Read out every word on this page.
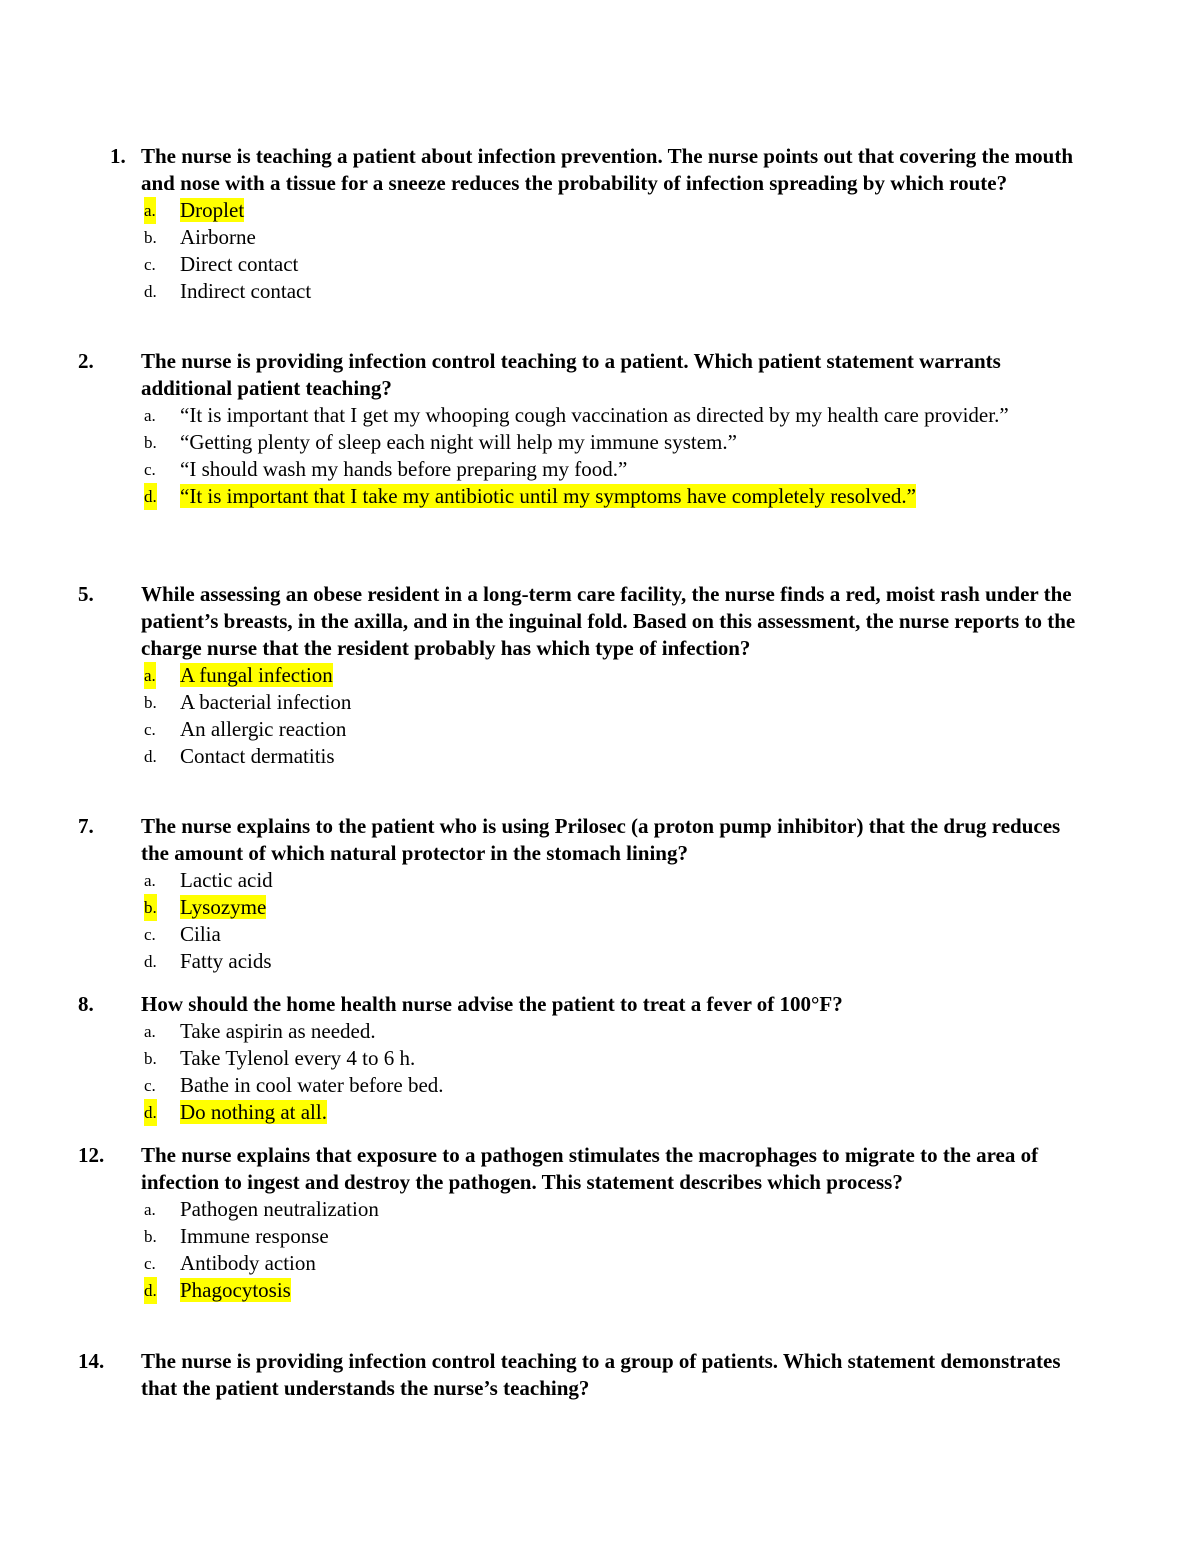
1. The nurse is teaching a patient about infection prevention. The nurse points out that covering the mouth and nose with a tissue for a sneeze reduces the probability of infection spreading by which route?
a. Droplet
b. Airborne
c. Direct contact
d. Indirect contact
2. The nurse is providing infection control teaching to a patient. Which patient statement warrants additional patient teaching?
a. “It is important that I get my whooping cough vaccination as directed by my health care provider.”
b. “Getting plenty of sleep each night will help my immune system.”
c. “I should wash my hands before preparing my food.”
d. “It is important that I take my antibiotic until my symptoms have completely resolved.”
5. While assessing an obese resident in a long-term care facility, the nurse finds a red, moist rash under the patient’s breasts, in the axilla, and in the inguinal fold. Based on this assessment, the nurse reports to the charge nurse that the resident probably has which type of infection?
a. A fungal infection
b. A bacterial infection
c. An allergic reaction
d. Contact dermatitis
7. The nurse explains to the patient who is using Prilosec (a proton pump inhibitor) that the drug reduces the amount of which natural protector in the stomach lining?
a. Lactic acid
b. Lysozyme
c. Cilia
d. Fatty acids
8. How should the home health nurse advise the patient to treat a fever of 100°F?
a. Take aspirin as needed.
b. Take Tylenol every 4 to 6 h.
c. Bathe in cool water before bed.
d. Do nothing at all.
12. The nurse explains that exposure to a pathogen stimulates the macrophages to migrate to the area of infection to ingest and destroy the pathogen. This statement describes which process?
a. Pathogen neutralization
b. Immune response
c. Antibody action
d. Phagocytosis
14. The nurse is providing infection control teaching to a group of patients. Which statement demonstrates that the patient understands the nurse’s teaching?
